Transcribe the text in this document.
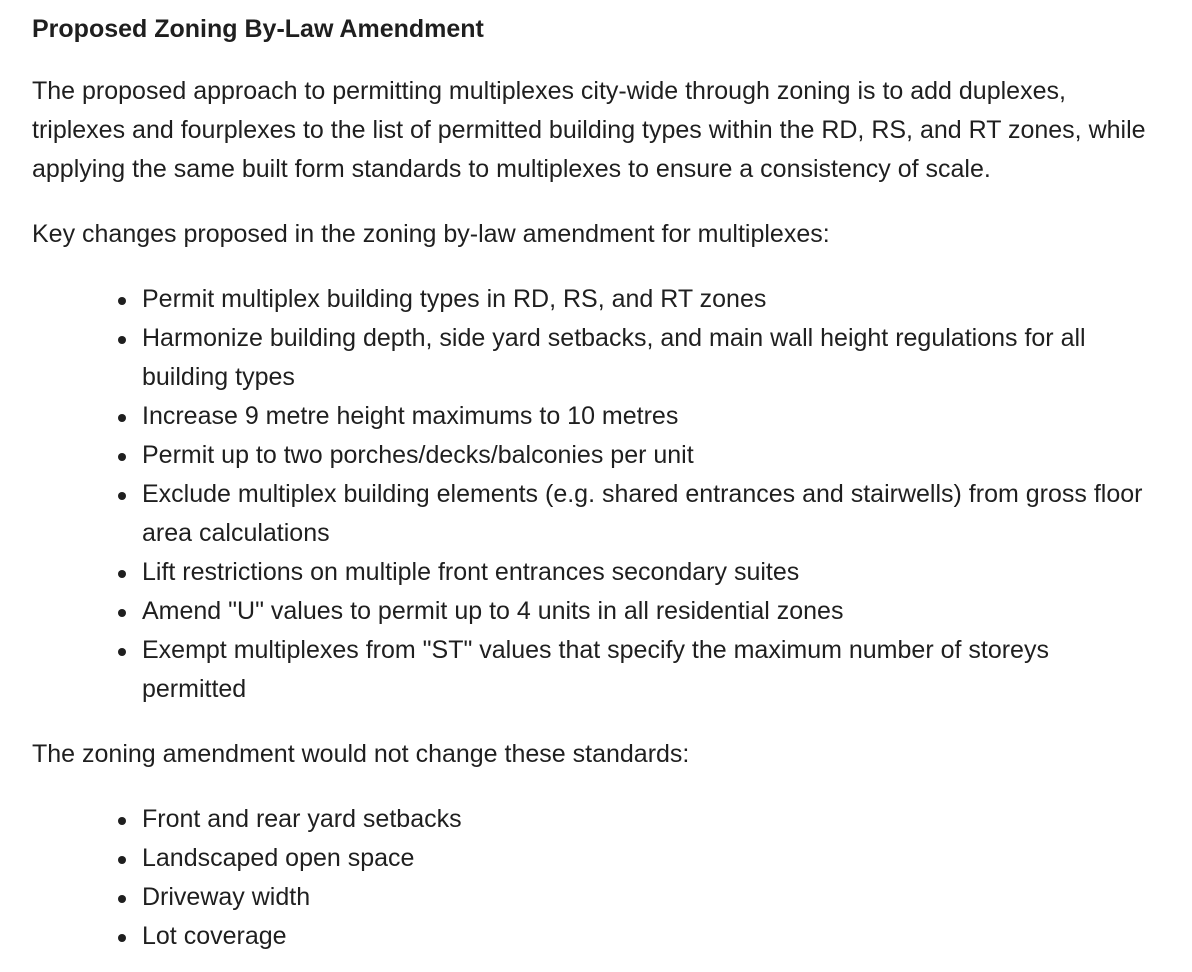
Proposed Zoning By-Law Amendment

The proposed approach to permitting multiplexes city-wide through zoning is to add duplexes, triplexes and fourplexes to the list of permitted building types within the RD, RS, and RT zones, while applying the same built form standards to multiplexes to ensure a consistency of scale.

Key changes proposed in the zoning by-law amendment for multiplexes:

Permit multiplex building types in RD, RS, and RT zones
Harmonize building depth, side yard setbacks, and main wall height regulations for all building types
Increase 9 metre height maximums to 10 metres
Permit up to two porches/decks/balconies per unit
Exclude multiplex building elements (e.g. shared entrances and stairwells) from gross floor area calculations
Lift restrictions on multiple front entrances secondary suites
Amend "U" values to permit up to 4 units in all residential zones
Exempt multiplexes from "ST" values that specify the maximum number of storeys permitted

The zoning amendment would not change these standards:

Front and rear yard setbacks
Landscaped open space
Driveway width
Lot coverage
